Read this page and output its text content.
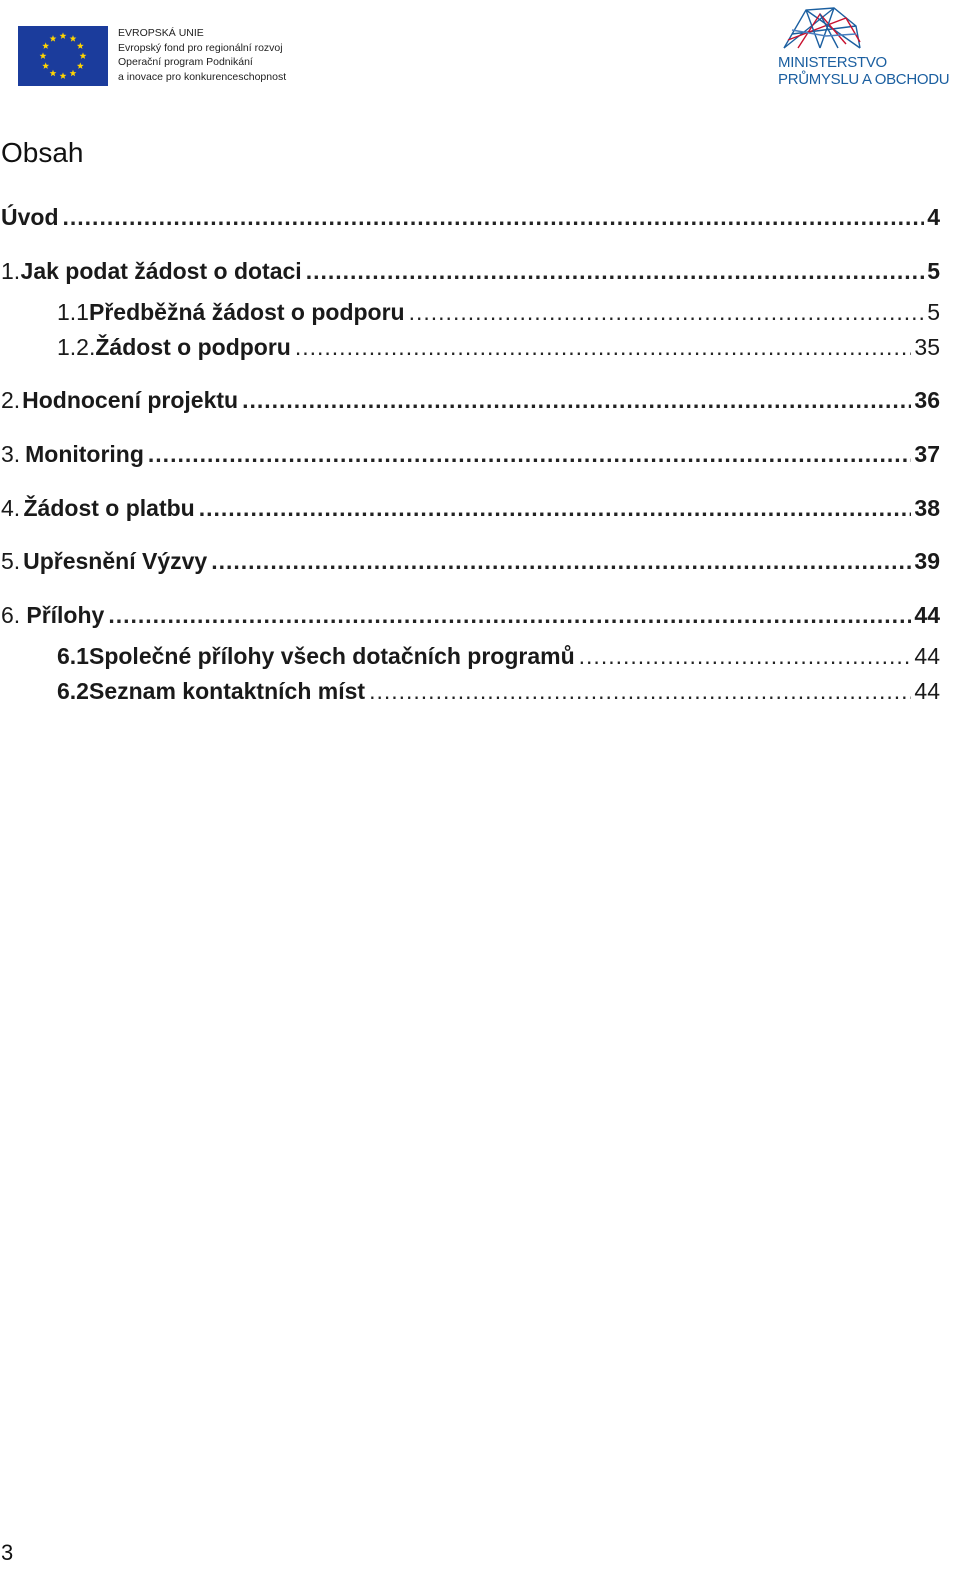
EVROPSKÁ UNIE
Evropský fond pro regionální rozvoj
Operační program Podnikání
a inovace pro konkurenceschopnost
MINISTERSTVO
PRŮMYSLU A OBCHODU
Obsah
Úvod .....	4
1. Jak podat žádost o dotaci .....	5
1.1 Předběžná žádost o podporu .....	5
1.2. Žádost o podporu .....	35
2. Hodnocení projektu .....	36
3. Monitoring .....	37
4. Žádost o platbu .....	38
5. Upřesnění Výzvy .....	39
6. Přílohy .....	44
6.1 Společné přílohy všech dotačních programů .....	44
6.2 Seznam kontaktních míst .....	44
3
